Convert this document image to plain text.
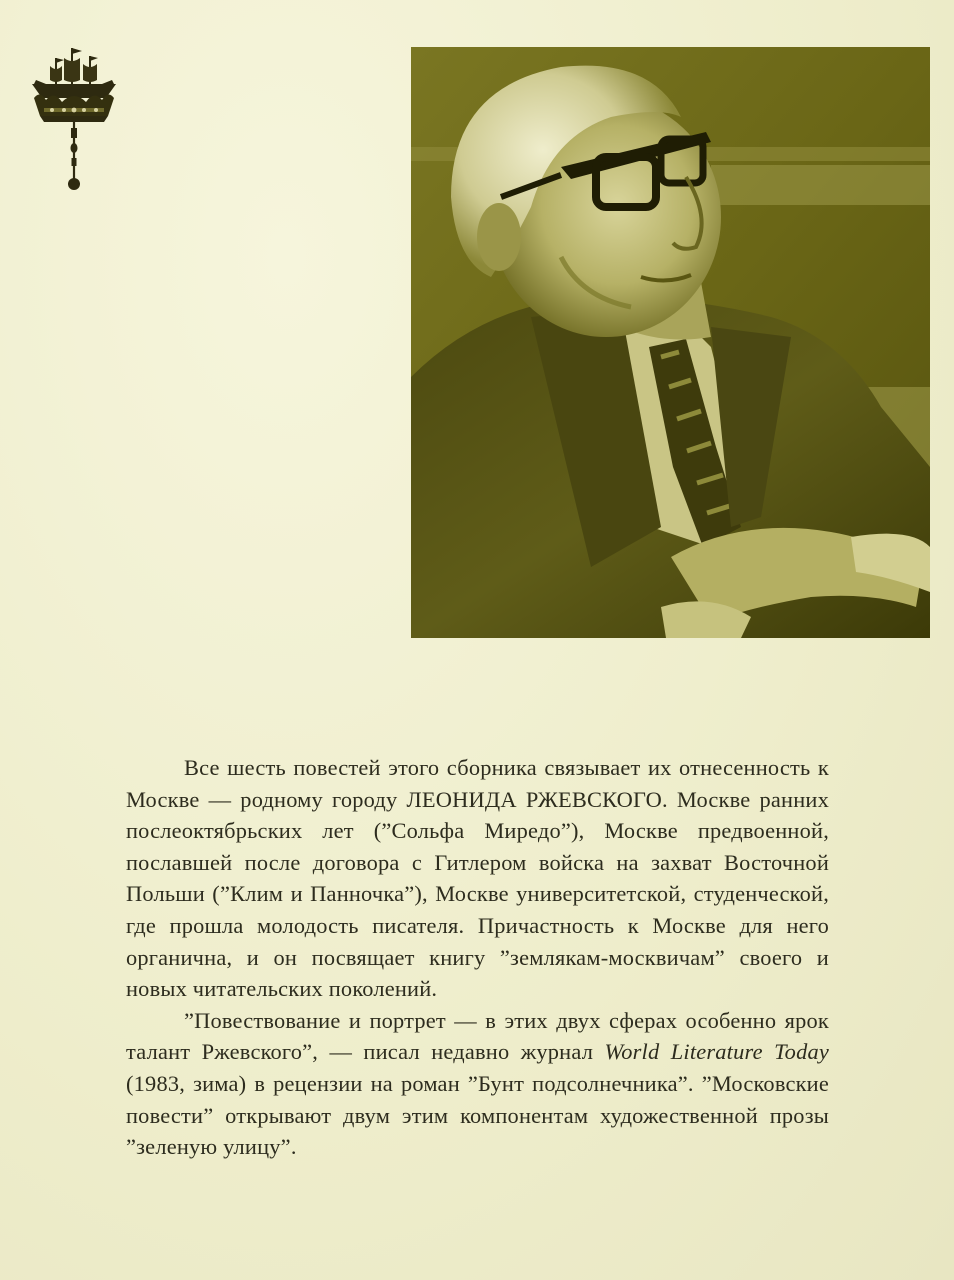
Все шесть повестей этого сборника связывает их отнесенность к Москве — родному городу ЛЕОНИДА РЖЕВСКОГО. Москве ранних послеоктябрьских лет (”Сольфа Миредо”), Москве предвоенной, пославшей после договора с Гитлером войска на захват Восточной Польши (”Клим и Панночка”), Москве университетской, студенческой, где прошла молодость писателя. Причастность к Москве для него органична, и он посвящает книгу ”землякам-москвичам” своего и новых читательских поколений.

”Повествование и портрет — в этих двух сферах особенно ярок талант Ржевского”, — писал недавно журнал World Literature Today (1983, зима) в рецензии на роман ”Бунт подсолнечника”. ”Московские повести” открывают двум этим компонентам художественной прозы ”зеленую улицу”.
